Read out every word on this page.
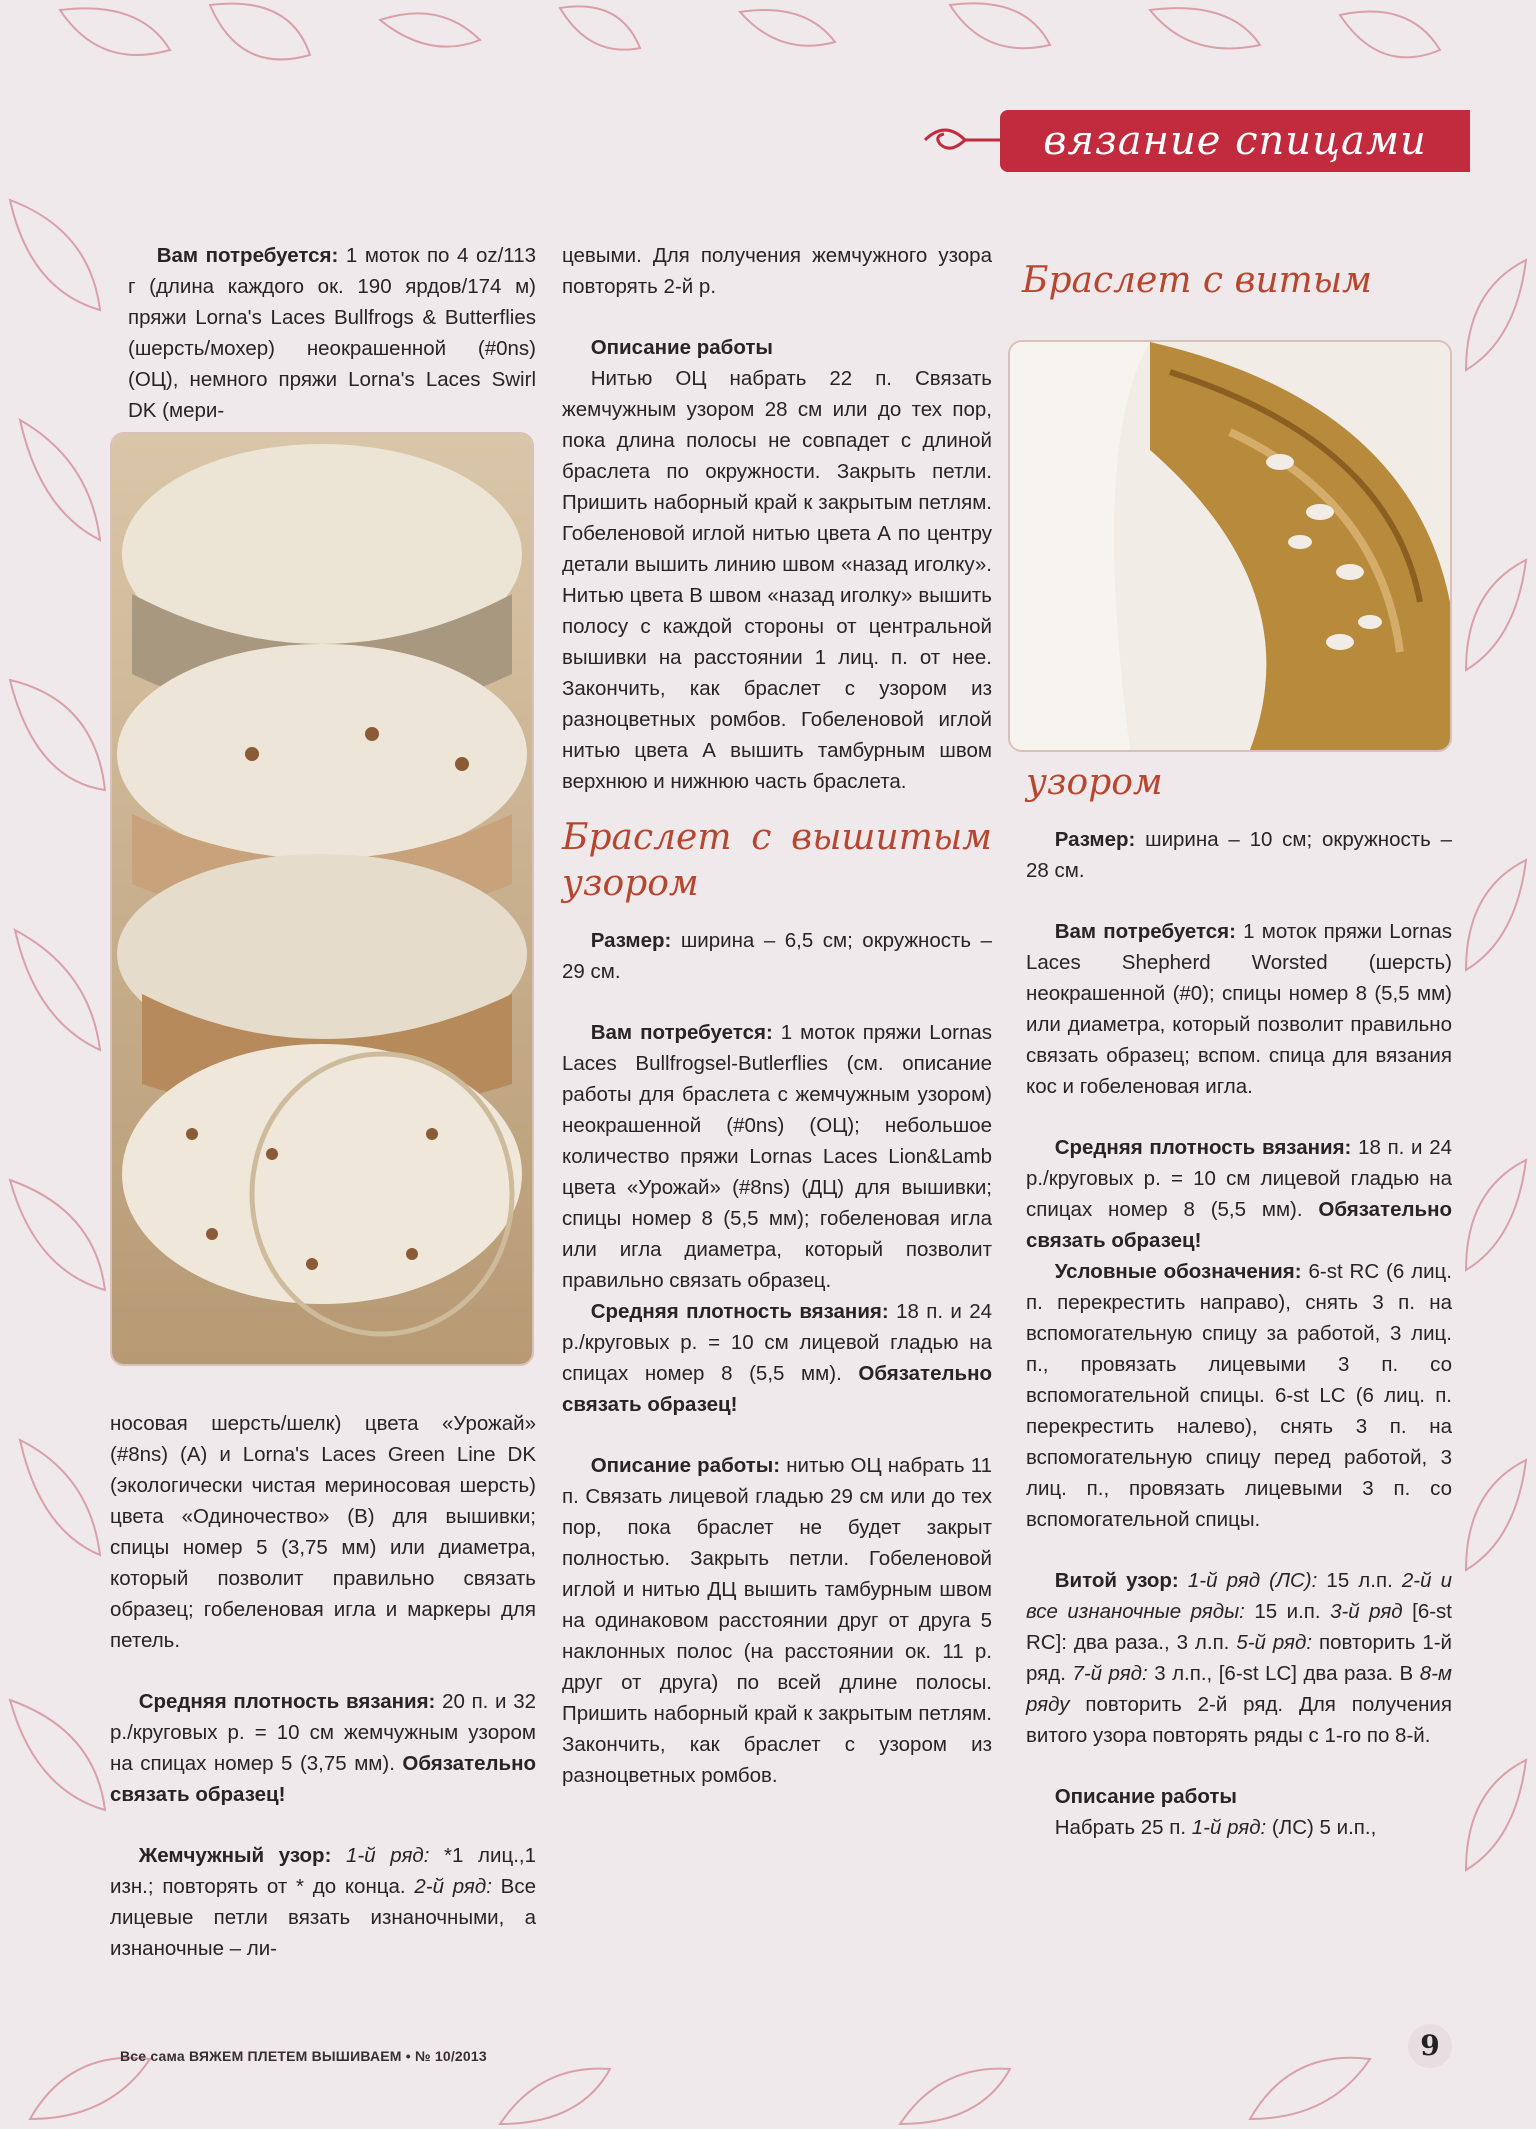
вязание спицами

Вам потребуется: 1 моток по 4 oz/113 г (длина каждого ок. 190 ярдов/174 м) пряжи Lorna's Laces Bullfrogs & Butterflies (шерсть/мохер) неокрашенной (#0ns) (ОЦ), немного пряжи Lorna's Laces Swirl DK (мери-

носовая шерсть/шелк) цвета «Урожай» (#8ns) (А) и Lorna's Laces Green Line DK (экологически чистая мериносовая шерсть) цвета «Одиночество» (В) для вышивки; спицы номер 5 (3,75 мм) или диаметра, который позволит правильно связать образец; гобеленовая игла и маркеры для петель.

Средняя плотность вязания: 20 п. и 32 р./круговых р. = 10 см жемчужным узором на спицах номер 5 (3,75 мм). Обязательно связать образец!

Жемчужный узор: 1-й ряд: *1 лиц.,1 изн.; повторять от * до конца. 2-й ряд: Все лицевые петли вязать изнаночными, а изнаночные – ли-

цевыми. Для получения жемчужного узора повторять 2-й р.

Описание работы

Нитью ОЦ набрать 22 п. Связать жемчужным узором 28 см или до тех пор, пока длина полосы не совпадет с длиной браслета по окружности. Закрыть петли. Пришить наборный край к закрытым петлям. Гобеленовой иглой нитью цвета А по центру детали вышить линию швом «назад иголку». Нитью цвета В швом «назад иголку» вышить полосу с каждой стороны от центральной вышивки на расстоянии 1 лиц. п. от нее. Закончить, как браслет с узором из разноцветных ромбов. Гобеленовой иглой нитью цвета А вышить тамбурным швом верхнюю и нижнюю часть браслета.

Браслет с вышитым узором

Размер: ширина – 6,5 см; окружность – 29 см.

Вам потребуется: 1 моток пряжи Lornas Laces Bullfrogsel-Butlerflies (см. описание работы для браслета с жемчужным узором) неокрашенной (#0ns) (ОЦ); небольшое количество пряжи Lornas Laces Lion&Lamb цвета «Урожай» (#8ns) (ДЦ) для вышивки; спицы номер 8 (5,5 мм); гобеленовая игла или игла диаметра, который позволит правильно связать образец.

Средняя плотность вязания: 18 п. и 24 р./круговых р. = 10 см лицевой гладью на спицах номер 8 (5,5 мм). Обязательно связать образец!

Описание работы: нитью ОЦ набрать 11 п. Связать лицевой гладью 29 см или до тех пор, пока браслет не будет закрыт полностью. Закрыть петли. Гобеленовой иглой и нитью ДЦ вышить тамбурным швом на одинаковом расстоянии друг от друга 5 наклонных полос (на расстоянии ок. 11 р. друг от друга) по всей длине полосы. Пришить наборный край к закрытым петлям. Закончить, как браслет с узором из разноцветных ромбов.

Браслет с витым
узором

Размер: ширина – 10 см; окружность – 28 см.

Вам потребуется: 1 моток пряжи Lornas Laces Shepherd Worsted (шерсть) неокрашенной (#0); спицы номер 8 (5,5 мм) или диаметра, который позволит правильно связать образец; вспом. спица для вязания кос и гобеленовая игла.

Средняя плотность вязания: 18 п. и 24 р./круговых р. = 10 см лицевой гладью на спицах номер 8 (5,5 мм). Обязательно связать образец!

Условные обозначения: 6-st RC (6 лиц. п. перекрестить направо), снять 3 п. на вспомогательную спицу за работой, 3 лиц. п., провязать лицевыми 3 п. со вспомогательной спицы. 6-st LC (6 лиц. п. перекрестить налево), снять 3 п. на вспомогательную спицу перед работой, 3 лиц. п., провязать лицевыми 3 п. со вспомогательной спицы.

Витой узор: 1-й ряд (ЛС): 15 л.п. 2-й и все изнаночные ряды: 15 и.п. 3-й ряд [6-st RC]: два раза., 3 л.п. 5-й ряд: повторить 1-й ряд. 7-й ряд: 3 л.п., [6-st LC] два раза. В 8-м ряду повторить 2-й ряд. Для получения витого узора повторять ряды с 1-го по 8-й.

Описание работы

Набрать 25 п. 1-й ряд: (ЛС) 5 и.п.,

Все сама ВЯЖЕМ ПЛЕТЕМ ВЫШИВАЕМ • № 10/2013	9
